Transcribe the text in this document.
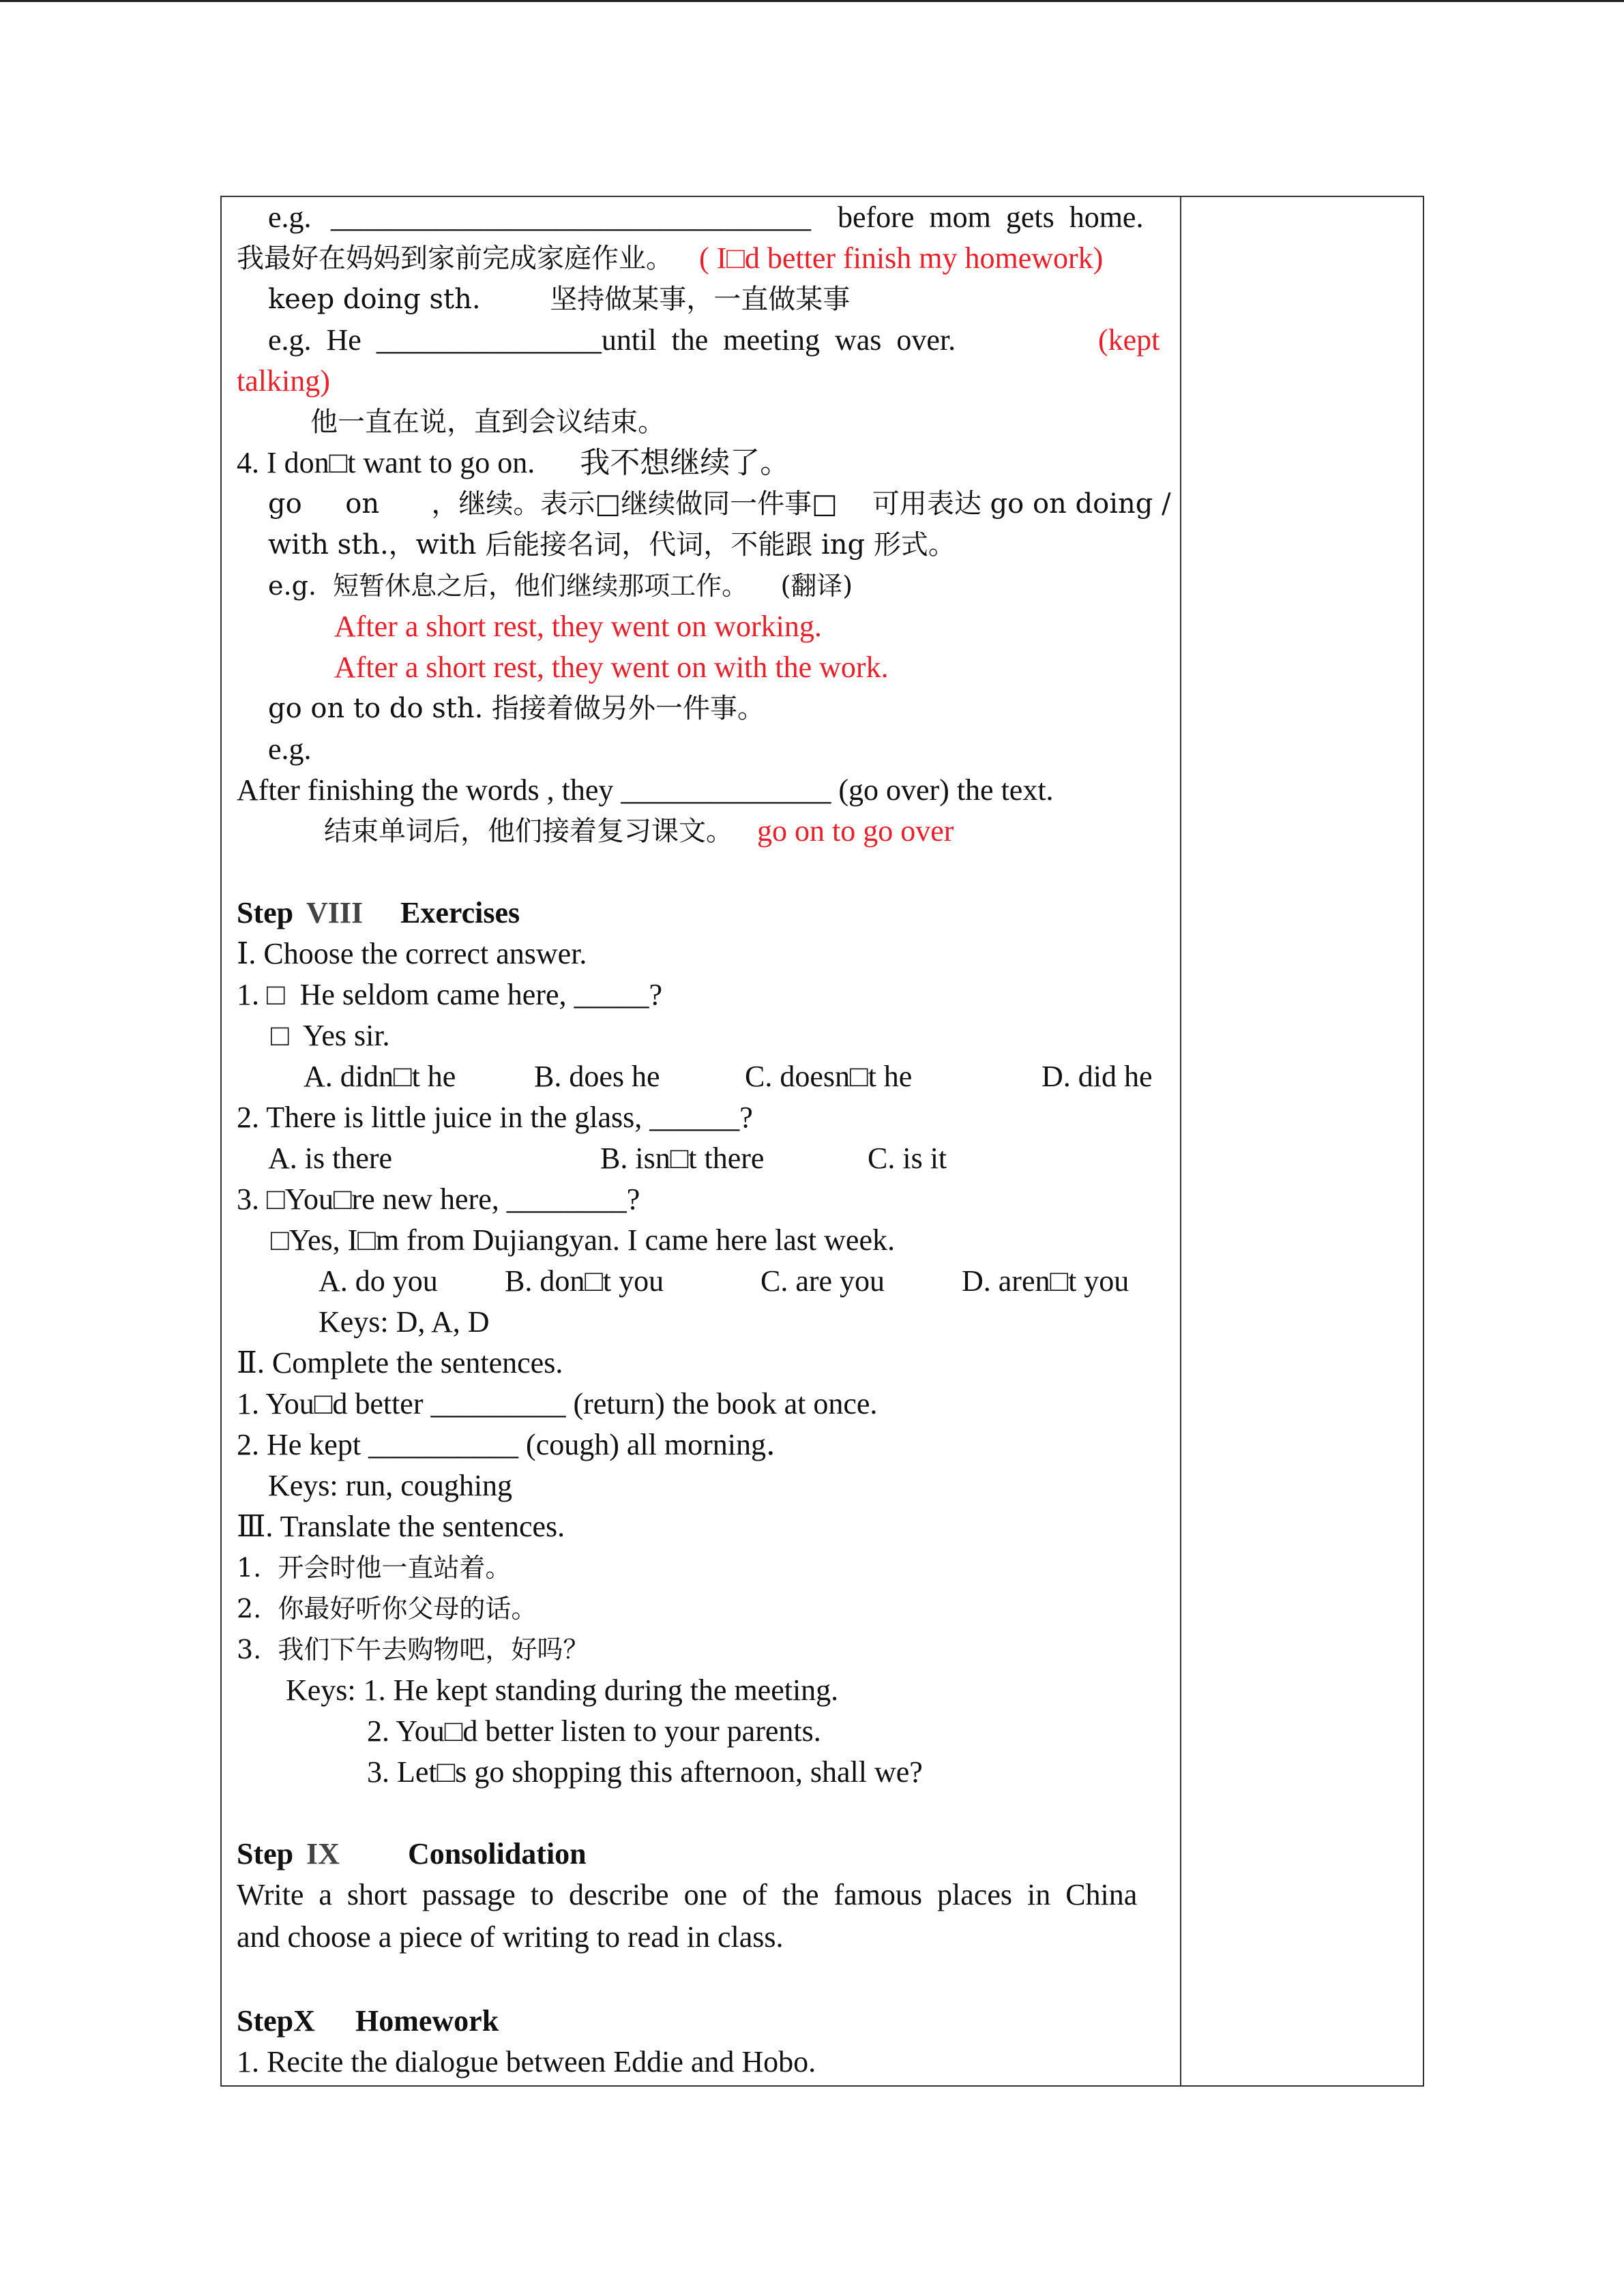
e.g. ________________________________ before  mom  gets  home.
我最好在妈妈到家前完成家庭作业。 ( I□d better finish my homework)
keep doing sth.        坚持做某事，一直做某事
e.g.  He  _______________until  the  meeting  was  over.	(kept
talking)
他一直在说，直到会议结束。
4. I don□t want to go on.      我不想继续了。
go     on      ，继续。表示□继续做同一件事□    可用表达 go on doing /
with sth.，with 后能接名词，代词，不能跟 ing 形式。
e.g.  短暂休息之后，他们继续那项工作。    (翻译)
After a short rest, they went on working.
After a short rest, they went on with the work.
go on to do sth. 指接着做另外一件事。
e.g.
After finishing the words , they ______________ (go over) the text.
结束单词后，他们接着复习课文。 go on to go over
Step VIII Exercises
Ⅰ. Choose the correct answer.
1. □  He seldom came here, _____?
□  Yes sir.
A. didn□t he	B. does he	C. doesn□t he	D. did he
2. There is little juice in the glass, ______?
A. is there	B. isn□t there	C. is it
3. □You□re new here, ________?
□Yes, I□m from Dujiangyan. I came here last week.
A. do you B. don□t you	C. are you	D. aren□t you
Keys: D, A, D
Ⅱ. Complete the sentences.
1. You□d better _________ (return) the book at once.
2. He kept __________ (cough) all morning．
Keys: run, coughing
Ⅲ. Translate the sentences.
1.  开会时他一直站着。
2.  你最好听你父母的话。
3.  我们下午去购物吧，好吗？
Keys: 1. He kept standing during the meeting.
2. You□d better listen to your parents.
3. Let□s go shopping this afternoon, shall we?
Step IX Consolidation
Write  a  short  passage  to  describe  one  of  the  famous  places  in  China
and choose a piece of writing to read in class.
StepX Homework
1. Recite the dialogue between Eddie and Hobo.
